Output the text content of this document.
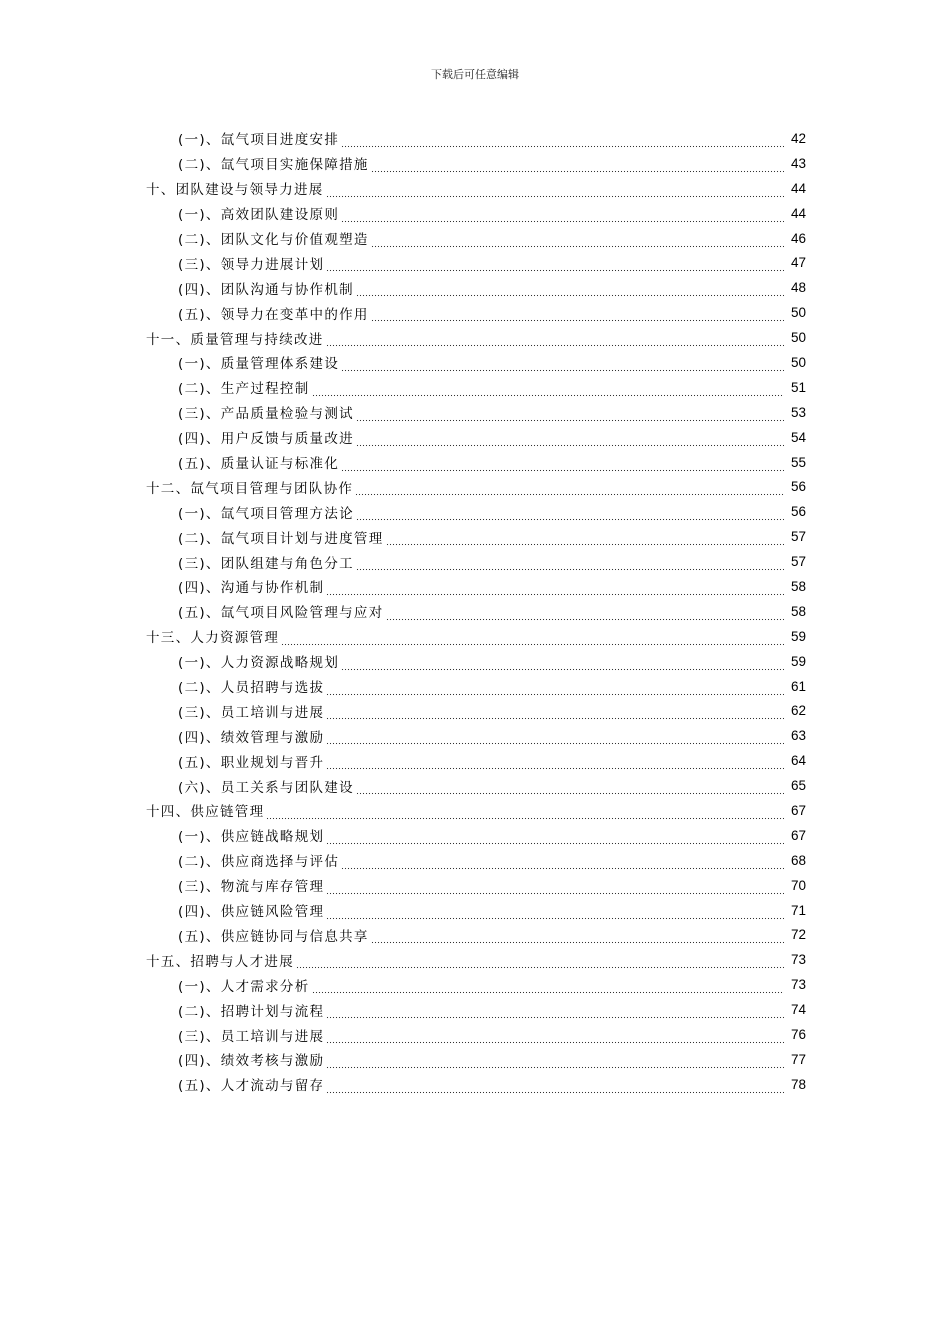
下载后可任意编辑
(一)、氙气项目进度安排	42
(二)、氙气项目实施保障措施	43
十、团队建设与领导力进展	44
(一)、高效团队建设原则	44
(二)、团队文化与价值观塑造	46
(三)、领导力进展计划	47
(四)、团队沟通与协作机制	48
(五)、领导力在变革中的作用	50
十一、质量管理与持续改进	50
(一)、质量管理体系建设	50
(二)、生产过程控制	51
(三)、产品质量检验与测试	53
(四)、用户反馈与质量改进	54
(五)、质量认证与标准化	55
十二、氙气项目管理与团队协作	56
(一)、氙气项目管理方法论	56
(二)、氙气项目计划与进度管理	57
(三)、团队组建与角色分工	57
(四)、沟通与协作机制	58
(五)、氙气项目风险管理与应对	58
十三、人力资源管理	59
(一)、人力资源战略规划	59
(二)、人员招聘与选拔	61
(三)、员工培训与进展	62
(四)、绩效管理与激励	63
(五)、职业规划与晋升	64
(六)、员工关系与团队建设	65
十四、供应链管理	67
(一)、供应链战略规划	67
(二)、供应商选择与评估	68
(三)、物流与库存管理	70
(四)、供应链风险管理	71
(五)、供应链协同与信息共享	72
十五、招聘与人才进展	73
(一)、人才需求分析	73
(二)、招聘计划与流程	74
(三)、员工培训与进展	76
(四)、绩效考核与激励	77
(五)、人才流动与留存	78
